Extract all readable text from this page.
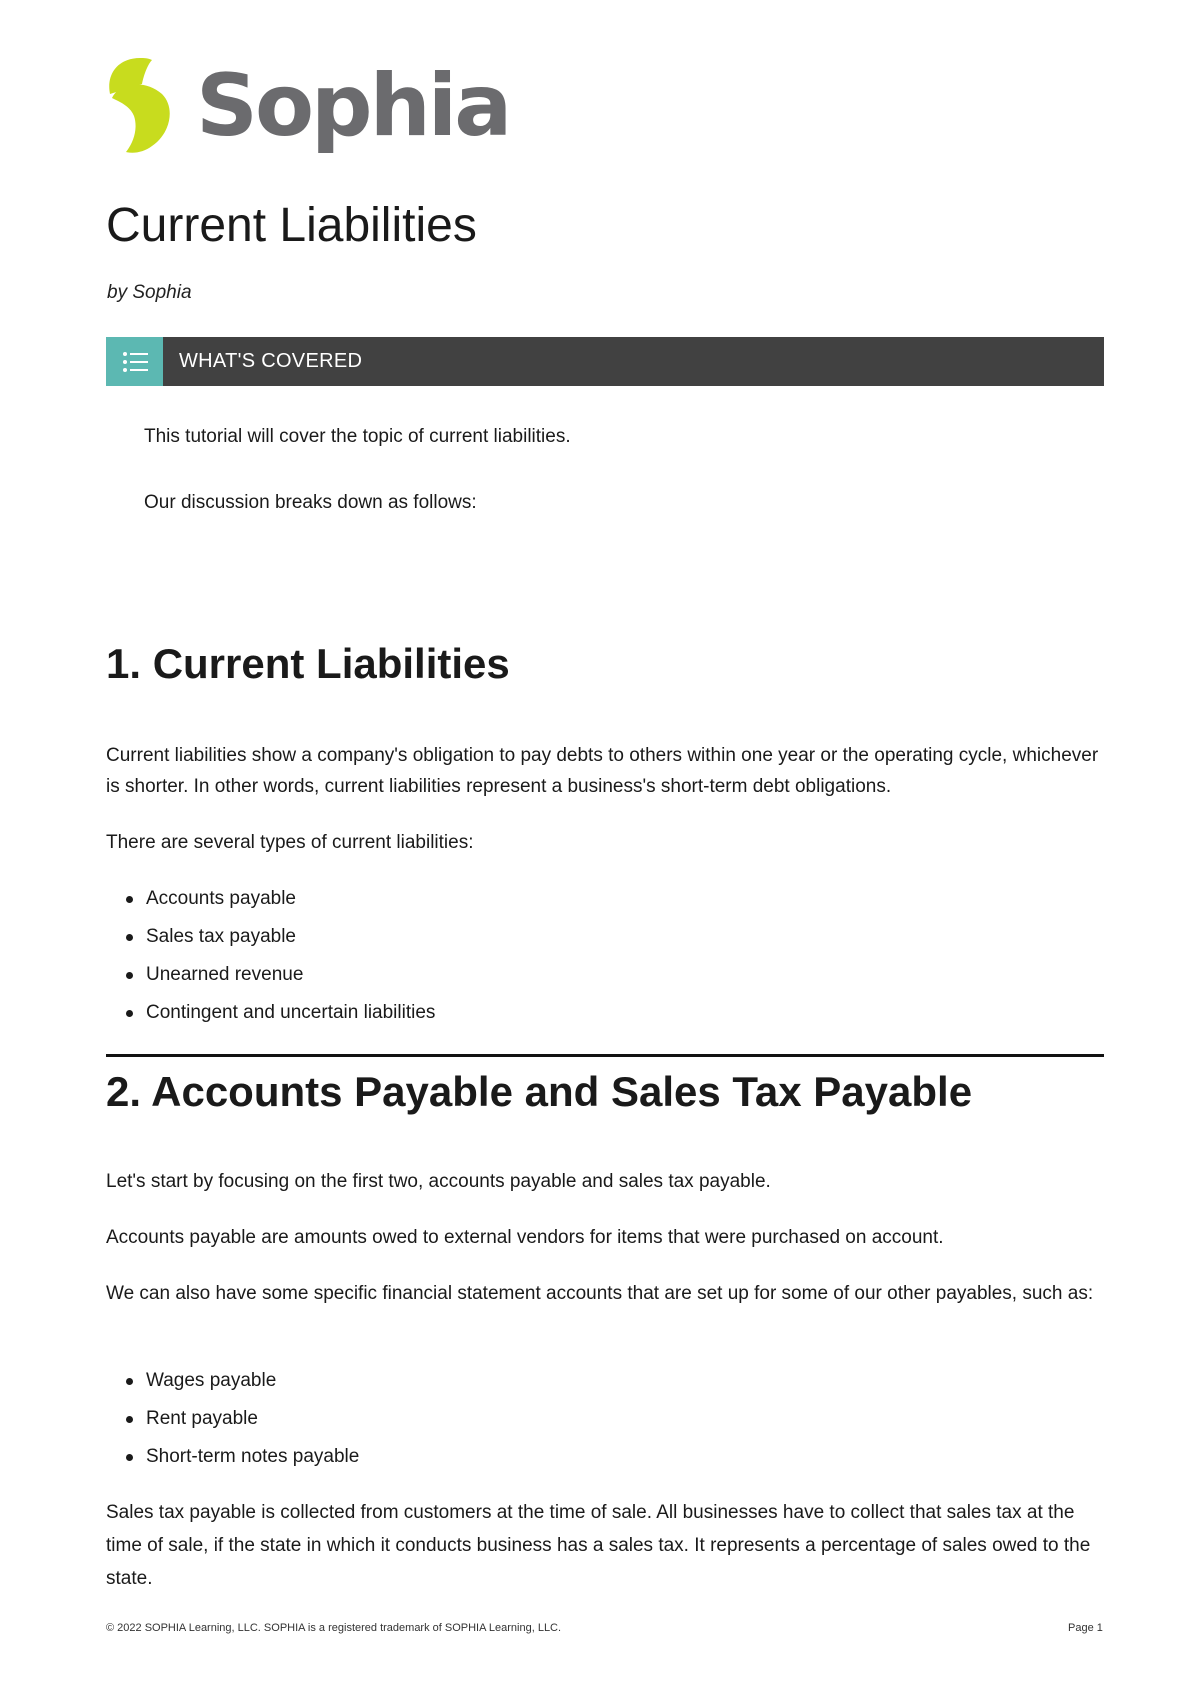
Sophia
Current Liabilities
by Sophia
WHAT'S COVERED

This tutorial will cover the topic of current liabilities.

Our discussion breaks down as follows:

1. Current Liabilities

Current liabilities show a company's obligation to pay debts to others within one year or the operating cycle, whichever is shorter. In other words, current liabilities represent a business's short-term debt obligations.

There are several types of current liabilities:

Accounts payable
Sales tax payable
Unearned revenue
Contingent and uncertain liabilities
2. Accounts Payable and Sales Tax Payable

Let's start by focusing on the first two, accounts payable and sales tax payable.

Accounts payable are amounts owed to external vendors for items that were purchased on account.

We can also have some specific financial statement accounts that are set up for some of our other payables, such as:

Wages payable
Rent payable
Short-term notes payable

Sales tax payable is collected from customers at the time of sale. All businesses have to collect that sales tax at the time of sale, if the state in which it conducts business has a sales tax. It represents a percentage of sales owed to the state.

© 2022 SOPHIA Learning, LLC. SOPHIA is a registered trademark of SOPHIA Learning, LLC.	Page 1
